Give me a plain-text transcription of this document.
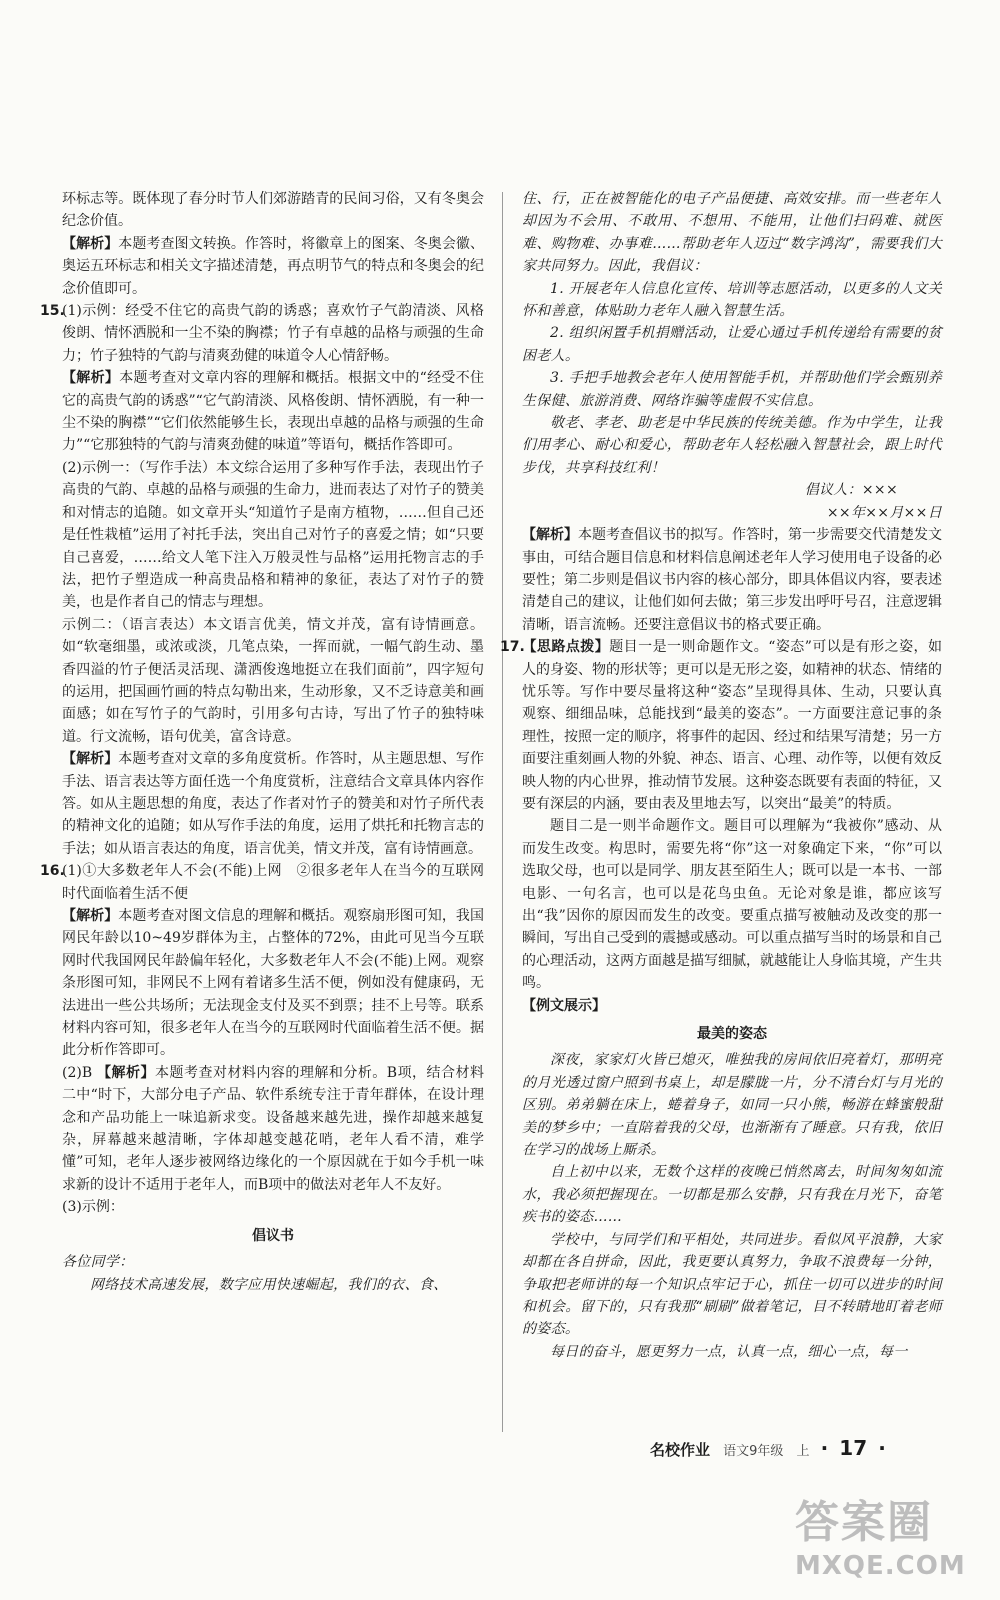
环标志等。既体现了春分时节人们郊游踏青的民间习俗，又有冬奥会纪念价值。

【解析】本题考查图文转换。作答时，将徽章上的图案、冬奥会徽、奥运五环标志和相关文字描述清楚，再点明节气的特点和冬奥会的纪念价值即可。

15.(1)示例：经受不住它的高贵气韵的诱惑；喜欢竹子气韵清淡、风格俊朗、情怀洒脱和一尘不染的胸襟；竹子有卓越的品格与顽强的生命力；竹子独特的气韵与清爽劲健的味道令人心情舒畅。

【解析】本题考查对文章内容的理解和概括。根据文中的“经受不住它的高贵气韵的诱惑”“它气韵清淡、风格俊朗、情怀洒脱，有一种一尘不染的胸襟”“它们依然能够生长，表现出卓越的品格与顽强的生命力”“它那独特的气韵与清爽劲健的味道”等语句，概括作答即可。

(2)示例一：（写作手法）本文综合运用了多种写作手法，表现出竹子高贵的气韵、卓越的品格与顽强的生命力，进而表达了对竹子的赞美和对情志的追随。如文章开头“知道竹子是南方植物，……但自己还是任性栽植”运用了衬托手法，突出自己对竹子的喜爱之情；如“只要自己喜爱，……给文人笔下注入万般灵性与品格”运用托物言志的手法，把竹子塑造成一种高贵品格和精神的象征，表达了对竹子的赞美，也是作者自己的情志与理想。

示例二：（语言表达）本文语言优美，情文并茂，富有诗情画意。如“软毫细墨，或浓或淡，几笔点染，一挥而就，一幅气韵生动、墨香四溢的竹子便活灵活现、潇洒俊逸地挺立在我们面前”，四字短句的运用，把国画竹画的特点勾勒出来，生动形象，又不乏诗意美和画面感；如在写竹子的气韵时，引用多句古诗，写出了竹子的独特味道。行文流畅，语句优美，富含诗意。

【解析】本题考查对文章的多角度赏析。作答时，从主题思想、写作手法、语言表达等方面任选一个角度赏析，注意结合文章具体内容作答。如从主题思想的角度，表达了作者对竹子的赞美和对竹子所代表的精神文化的追随；如从写作手法的角度，运用了烘托和托物言志的手法；如从语言表达的角度，语言优美，情文并茂，富有诗情画意。

16.(1)①大多数老年人不会(不能)上网　②很多老年人在当今的互联网时代面临着生活不便

【解析】本题考查对图文信息的理解和概括。观察扇形图可知，我国网民年龄以10~49岁群体为主，占整体的72%，由此可见当今互联网时代我国网民年龄偏年轻化，大多数老年人不会(不能)上网。观察条形图可知，非网民不上网有着诸多生活不便，例如没有健康码，无法进出一些公共场所；无法现金支付及买不到票；挂不上号等。联系材料内容可知，很多老年人在当今的互联网时代面临着生活不便。据此分析作答即可。

(2)B 【解析】本题考查对材料内容的理解和分析。B项，结合材料二中“时下，大部分电子产品、软件系统专注于青年群体，在设计理念和产品功能上一味追新求变。设备越来越先进，操作却越来越复杂，屏幕越来越清晰，字体却越变越花哨，老年人看不清，难学懂”可知，老年人逐步被网络边缘化的一个原因就在于如今手机一味求新的设计不适用于老年人，而B项中的做法对老年人不友好。

(3)示例：

倡议书

各位同学：

网络技术高速发展，数字应用快速崛起，我们的衣、食、

住、行，正在被智能化的电子产品便捷、高效安排。而一些老年人却因为不会用、不敢用、不想用、不能用，让他们扫码难、就医难、购物难、办事难……帮助老年人迈过“数字鸿沟”，需要我们大家共同努力。因此，我倡议：

1. 开展老年人信息化宣传、培训等志愿活动，以更多的人文关怀和善意，体贴助力老年人融入智慧生活。

2. 组织闲置手机捐赠活动，让爱心通过手机传递给有需要的贫困老人。

3. 手把手地教会老年人使用智能手机，并帮助他们学会甄别养生保健、旅游消费、网络诈骗等虚假不实信息。

敬老、孝老、助老是中华民族的传统美德。作为中学生，让我们用孝心、耐心和爱心，帮助老年人轻松融入智慧社会，跟上时代步伐，共享科技红利！

倡议人：×××

××年××月××日

【解析】本题考查倡议书的拟写。作答时，第一步需要交代清楚发文事由，可结合题目信息和材料信息阐述老年人学习使用电子设备的必要性；第二步则是倡议书内容的核心部分，即具体倡议内容，要表述清楚自己的建议，让他们如何去做；第三步发出呼吁号召，注意逻辑清晰，语言流畅。还要注意倡议书的格式要正确。

17.【思路点拨】题目一是一则命题作文。“姿态”可以是有形之姿，如人的身姿、物的形状等；更可以是无形之姿，如精神的状态、情绪的忧乐等。写作中要尽量将这种“姿态”呈现得具体、生动，只要认真观察、细细品味，总能找到“最美的姿态”。一方面要注意记事的条理性，按照一定的顺序，将事件的起因、经过和结果写清楚；另一方面要注重刻画人物的外貌、神态、语言、心理、动作等，以便有效反映人物的内心世界，推动情节发展。这种姿态既要有表面的特征，又要有深层的内涵，要由表及里地去写，以突出“最美”的特质。

题目二是一则半命题作文。题目可以理解为“我被你”感动、从而发生改变。构思时，需要先将“你”这一对象确定下来，“你”可以选取父母，也可以是同学、朋友甚至陌生人；既可以是一本书、一部电影、一句名言，也可以是花鸟虫鱼。无论对象是谁，都应该写出“我”因你的原因而发生的改变。要重点描写被触动及改变的那一瞬间，写出自己受到的震撼或感动。可以重点描写当时的场景和自己的心理活动，这两方面越是描写细腻，就越能让人身临其境，产生共鸣。

【例文展示】

最美的姿态

深夜，家家灯火皆已熄灭，唯独我的房间依旧亮着灯，那明亮的月光透过窗户照到书桌上，却是朦胧一片，分不清台灯与月光的区别。弟弟躺在床上，蜷着身子，如同一只小熊，畅游在蜂蜜般甜美的梦乡中；一直陪着我的父母，也渐渐有了睡意。只有我，依旧在学习的战场上厮杀。

自上初中以来，无数个这样的夜晚已悄然离去，时间匆匆如流水，我必须把握现在。一切都是那么安静，只有我在月光下，奋笔疾书的姿态……

学校中，与同学们和平相处，共同进步。看似风平浪静，大家却都在各自拼命，因此，我更要认真努力，争取不浪费每一分钟，争取把老师讲的每一个知识点牢记于心，抓住一切可以进步的时间和机会。留下的，只有我那“刷刷”做着笔记，目不转睛地盯着老师的姿态。

每日的奋斗，愿更努力一点，认真一点，细心一点，每一

名校作业 语文9年级 上 · 17 ·
答案圈
MXQE.COM
